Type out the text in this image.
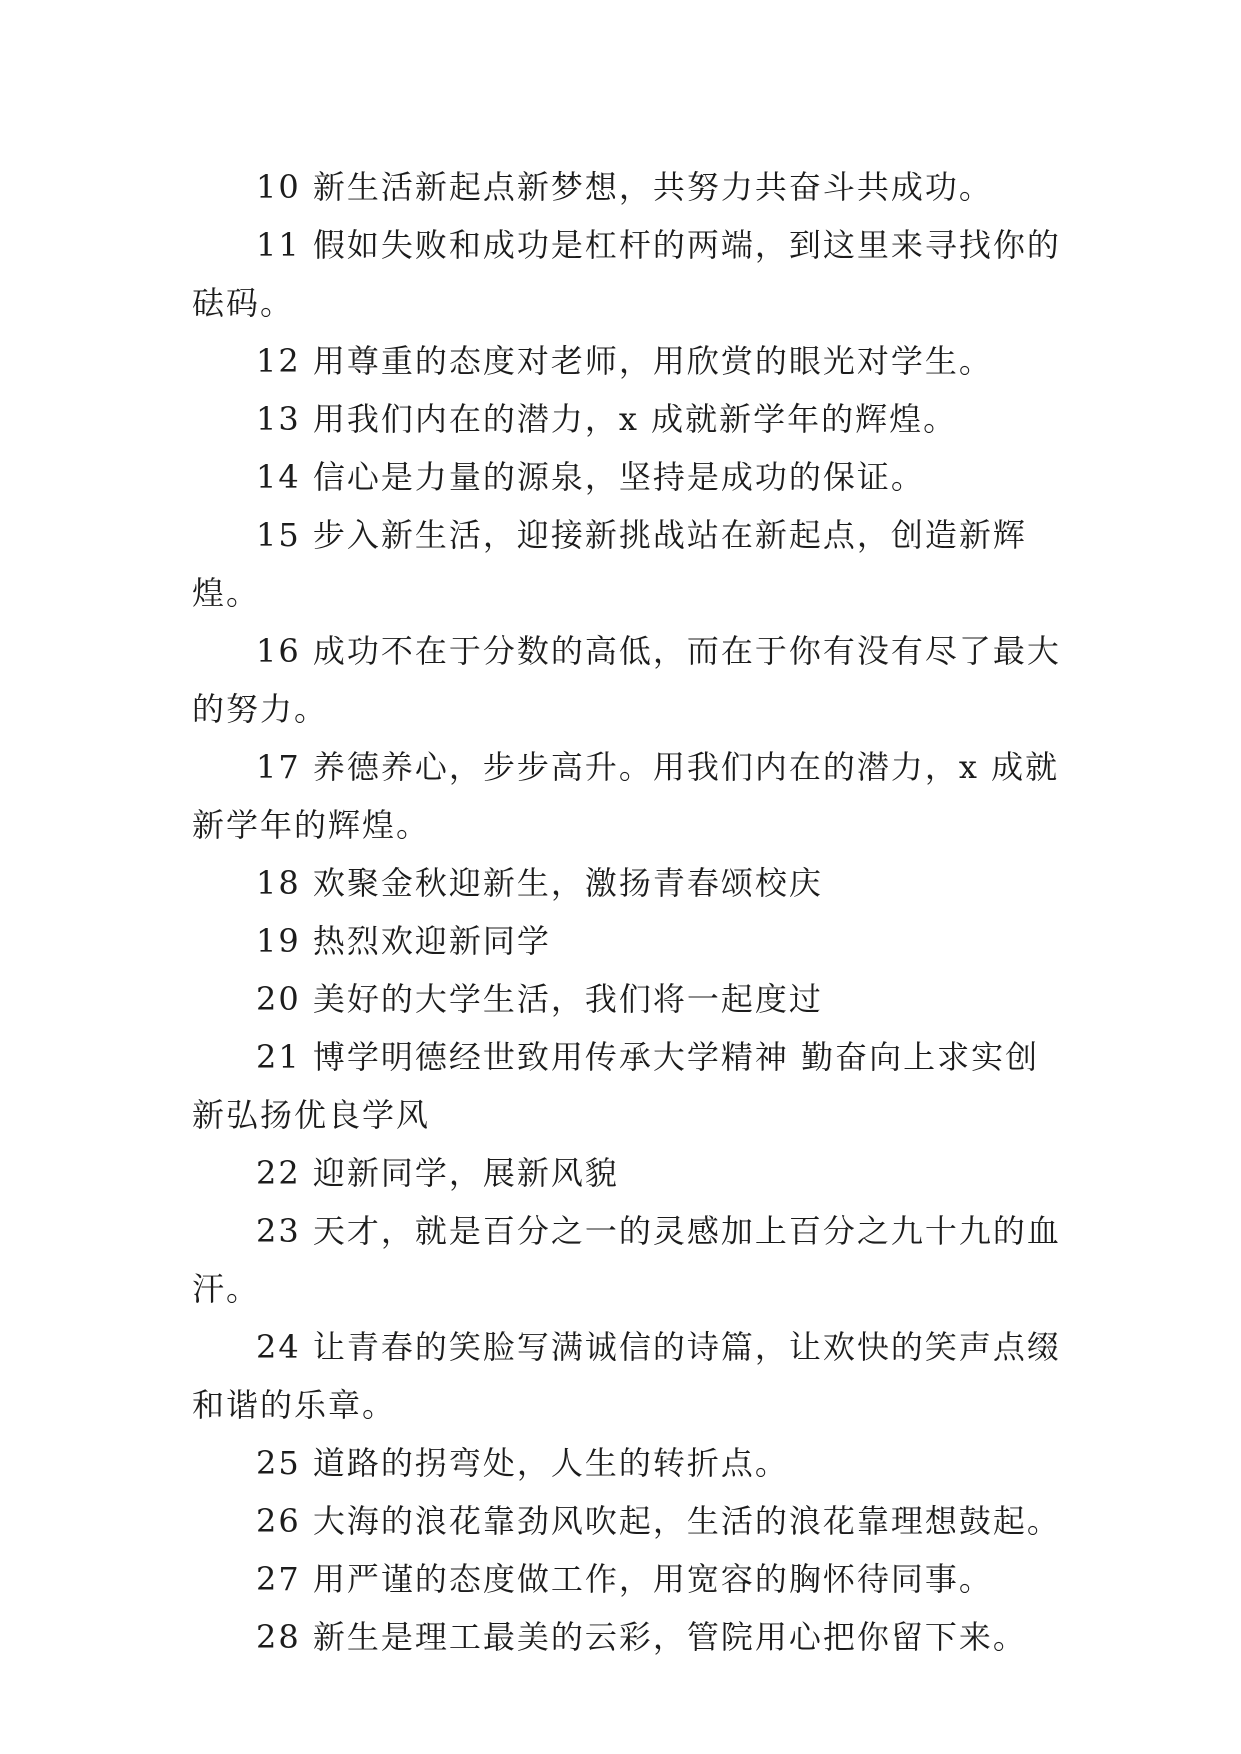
10 新生活新起点新梦想，共努力共奋斗共成功。

11 假如失败和成功是杠杆的两端，到这里来寻找你的砝码。

12 用尊重的态度对老师，用欣赏的眼光对学生。

13 用我们内在的潜力，x 成就新学年的辉煌。

14 信心是力量的源泉，坚持是成功的保证。

15 步入新生活，迎接新挑战站在新起点，创造新辉煌。

16 成功不在于分数的高低，而在于你有没有尽了最大的努力。

17 养德养心，步步高升。用我们内在的潜力，x 成就新学年的辉煌。

18 欢聚金秋迎新生，激扬青春颂校庆

19 热烈欢迎新同学

20 美好的大学生活，我们将一起度过

21 博学明德经世致用传承大学精神 勤奋向上求实创新弘扬优良学风

22 迎新同学，展新风貌

23 天才，就是百分之一的灵感加上百分之九十九的血汗。

24 让青春的笑脸写满诚信的诗篇，让欢快的笑声点缀和谐的乐章。

25 道路的拐弯处，人生的转折点。

26 大海的浪花靠劲风吹起，生活的浪花靠理想鼓起。

27 用严谨的态度做工作，用宽容的胸怀待同事。

28 新生是理工最美的云彩，管院用心把你留下来。
